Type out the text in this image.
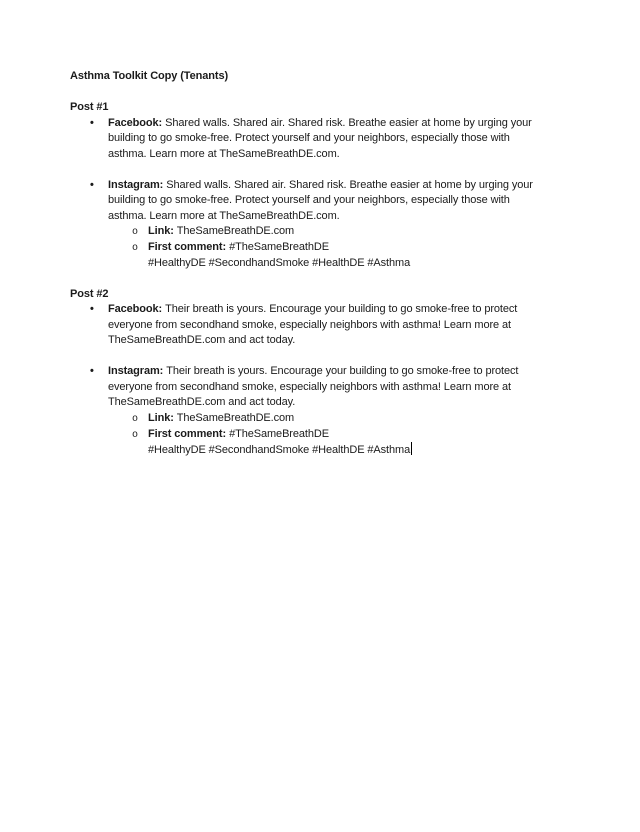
Asthma Toolkit Copy (Tenants)
Post #1
• Facebook: Shared walls. Shared air. Shared risk. Breathe easier at home by urging your
building to go smoke-free. Protect yourself and your neighbors, especially those with
asthma. Learn more at TheSameBreathDE.com.
• Instagram: Shared walls. Shared air. Shared risk. Breathe easier at home by urging your
building to go smoke-free. Protect yourself and your neighbors, especially those with
asthma. Learn more at TheSameBreathDE.com.
o Link: TheSameBreathDE.com
o First comment: #TheSameBreathDE
#HealthyDE #SecondhandSmoke #HealthDE #Asthma
Post #2
• Facebook: Their breath is yours. Encourage your building to go smoke-free to protect
everyone from secondhand smoke, especially neighbors with asthma! Learn more at
TheSameBreathDE.com and act today.
• Instagram: Their breath is yours. Encourage your building to go smoke-free to protect
everyone from secondhand smoke, especially neighbors with asthma! Learn more at
TheSameBreathDE.com and act today.
o Link: TheSameBreathDE.com
o First comment: #TheSameBreathDE
#HealthyDE #SecondhandSmoke #HealthDE #Asthma
